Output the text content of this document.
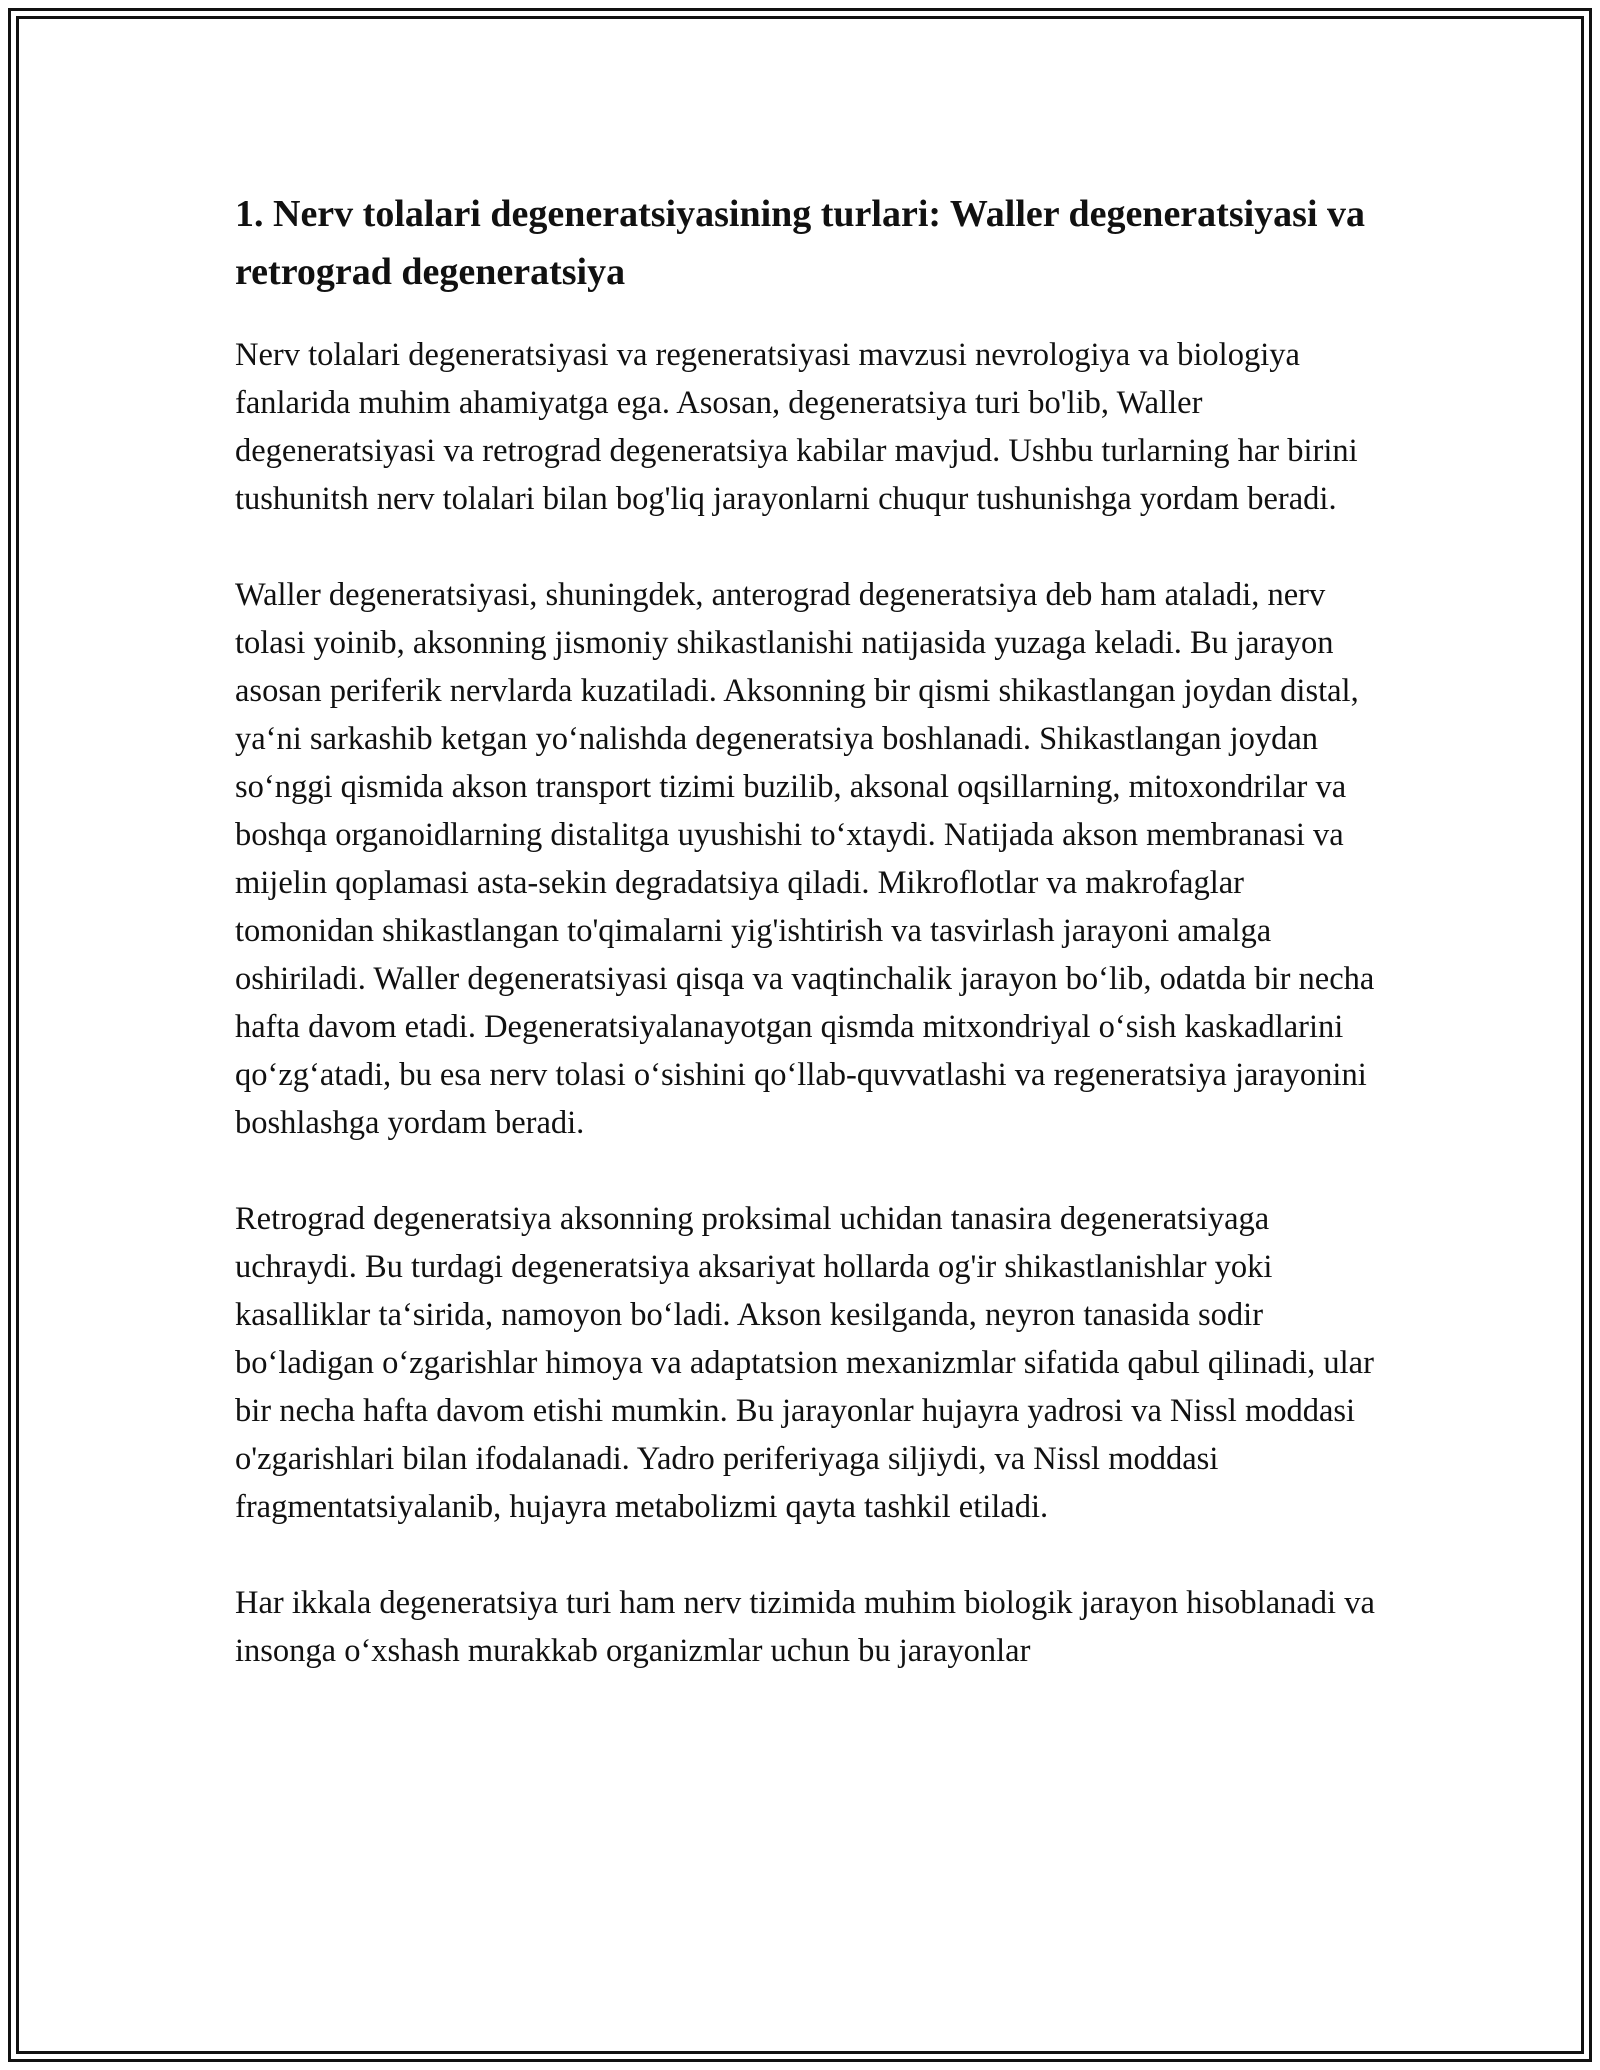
1. Nerv tolalari degeneratsiyasining turlari: Waller degeneratsiyasi va retrograd degeneratsiya

Nerv tolalari degeneratsiyasi va regeneratsiyasi mavzusi nevrologiya va biologiya fanlarida muhim ahamiyatga ega. Asosan, degeneratsiya turi bo'lib, Waller degeneratsiyasi va retrograd degeneratsiya kabilar mavjud. Ushbu turlarning har birini tushunitsh nerv tolalari bilan bog'liq jarayonlarni chuqur tushunishga yordam beradi.

Waller degeneratsiyasi, shuningdek, anterograd degeneratsiya deb ham ataladi, nerv tolasi yoinib, aksonning jismoniy shikastlanishi natijasida yuzaga keladi. Bu jarayon asosan periferik nervlarda kuzatiladi. Aksonning bir qismi shikastlangan joydan distal, ya‘ni sarkashib ketgan yo‘nalishda degeneratsiya boshlanadi. Shikastlangan joydan so‘nggi qismida akson transport tizimi buzilib, aksonal oqsillarning, mitoxondrilar va boshqa organoidlarning distalitga uyushishi to‘xtaydi. Natijada akson membranasi va mijelin qoplamasi asta-sekin degradatsiya qiladi. Mikroflotlar va makrofaglar tomonidan shikastlangan to'qimalarni yig'ishtirish va tasvirlash jarayoni amalga oshiriladi. Waller degeneratsiyasi qisqa va vaqtinchalik jarayon bo‘lib, odatda bir necha hafta davom etadi. Degeneratsiyalanayotgan qismda mitxondriyal o‘sish kaskadlarini qo‘zg‘atadi, bu esa nerv tolasi o‘sishini qo‘llab-quvvatlashi va regeneratsiya jarayonini boshlashga yordam beradi.

Retrograd degeneratsiya aksonning proksimal uchidan tanasira degeneratsiyaga uchraydi. Bu turdagi degeneratsiya aksariyat hollarda og'ir shikastlanishlar yoki kasalliklar ta‘sirida, namoyon bo‘ladi. Akson kesilganda, neyron tanasida sodir bo‘ladigan o‘zgarishlar himoya va adaptatsion mexanizmlar sifatida qabul qilinadi, ular bir necha hafta davom etishi mumkin. Bu jarayonlar hujayra yadrosi va Nissl moddasi o'zgarishlari bilan ifodalanadi. Yadro periferiyaga siljiydi, va Nissl moddasi fragmentatsiyalanib, hujayra metabolizmi qayta tashkil etiladi.

Har ikkala degeneratsiya turi ham nerv tizimida muhim biologik jarayon hisoblanadi va insonga o‘xshash murakkab organizmlar uchun bu jarayonlar
